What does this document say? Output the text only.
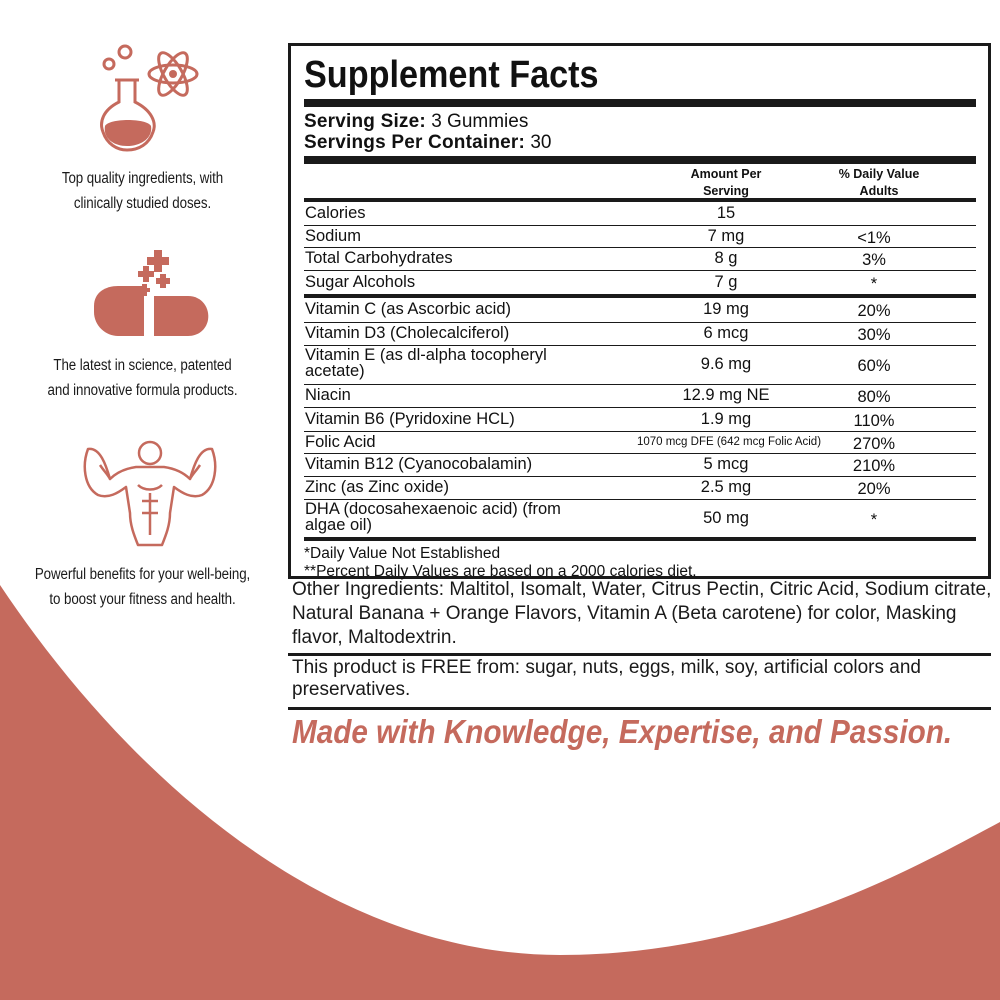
Top quality ingredients, with
clinically studied doses.
The latest in science, patented
and innovative formula products.
Powerful benefits for your well-being,
to boost your fitness and health.
Supplement Facts
Serving Size: 3 Gummies
Servings Per Container: 30
Amount Per
Serving
% Daily Value
Adults
Calories	15
Sodium	7 mg	<1%
Total Carbohydrates	8 g	3%
Sugar Alcohols	7 g	*
Vitamin C (as Ascorbic acid)	19 mg	20%
Vitamin D3 (Cholecalciferol)	6 mcg	30%
Vitamin E (as dl-alpha tocopheryl
acetate)	9.6 mg	60%
Niacin	12.9 mg NE	80%
Vitamin B6 (Pyridoxine HCL)	1.9 mg	110%
Folic Acid	1070 mcg DFE (642 mcg Folic Acid)	270%
Vitamin B12 (Cyanocobalamin)	5 mcg	210%
Zinc (as Zinc oxide)	2.5 mg	20%
DHA (docosahexaenoic acid) (from
algae oil)	50 mg	*
*Daily Value Not Established
**Percent Daily Values are based on a 2000 calories diet.
Other Ingredients: Maltitol, Isomalt, Water, Citrus Pectin, Citric Acid, Sodium citrate, Natural Banana + Orange Flavors, Vitamin A (Beta carotene) for color, Masking flavor, Maltodextrin.
This product is FREE from: sugar, nuts, eggs, milk, soy, artificial colors and preservatives.
Made with Knowledge, Expertise, and Passion.
